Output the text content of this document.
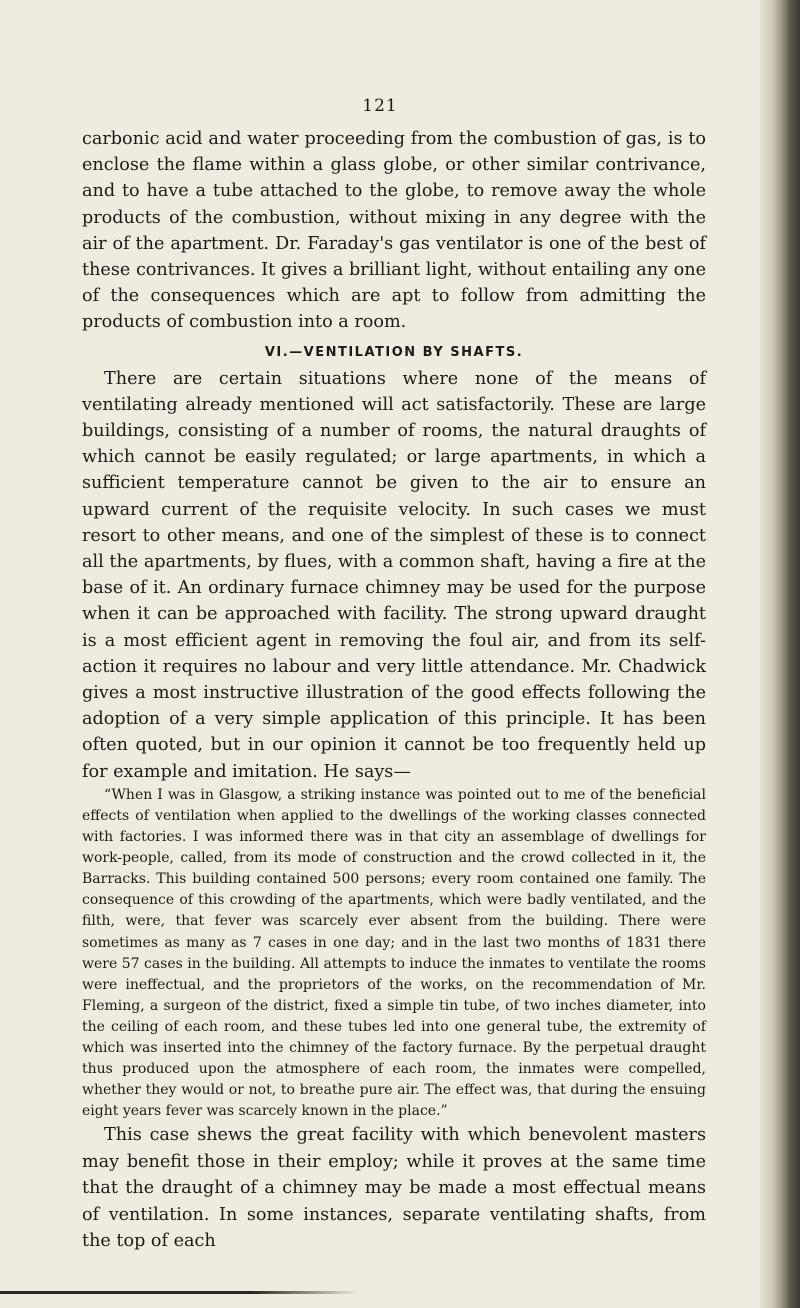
121

carbonic acid and water proceeding from the combustion of gas, is to enclose the flame within a glass globe, or other similar contrivance, and to have a tube attached to the globe, to remove away the whole products of the combustion, without mixing in any degree with the air of the apartment. Dr. Faraday's gas ventilator is one of the best of these contrivances. It gives a brilliant light, without entailing any one of the consequences which are apt to follow from admitting the products of combustion into a room.

VI.—VENTILATION BY SHAFTS.

There are certain situations where none of the means of ventilating already mentioned will act satisfactorily. These are large buildings, consisting of a number of rooms, the natural draughts of which cannot be easily regulated; or large apartments, in which a sufficient temperature cannot be given to the air to ensure an upward current of the requisite velocity. In such cases we must resort to other means, and one of the simplest of these is to connect all the apartments, by flues, with a common shaft, having a fire at the base of it. An ordinary furnace chimney may be used for the purpose when it can be approached with facility. The strong upward draught is a most efficient agent in removing the foul air, and from its self-action it requires no labour and very little attendance. Mr. Chadwick gives a most instructive illustration of the good effects following the adoption of a very simple application of this principle. It has been often quoted, but in our opinion it cannot be too frequently held up for example and imitation. He says—

“When I was in Glasgow, a striking instance was pointed out to me of the beneficial effects of ventilation when applied to the dwellings of the working classes connected with factories. I was informed there was in that city an assemblage of dwellings for work-people, called, from its mode of construction and the crowd collected in it, the Barracks. This building contained 500 persons; every room contained one family. The consequence of this crowding of the apartments, which were badly ventilated, and the filth, were, that fever was scarcely ever absent from the building. There were sometimes as many as 7 cases in one day; and in the last two months of 1831 there were 57 cases in the building. All attempts to induce the inmates to ventilate the rooms were ineffectual, and the proprietors of the works, on the recommendation of Mr. Fleming, a surgeon of the district, fixed a simple tin tube, of two inches diameter, into the ceiling of each room, and these tubes led into one general tube, the extremity of which was inserted into the chimney of the factory furnace. By the perpetual draught thus produced upon the atmosphere of each room, the inmates were compelled, whether they would or not, to breathe pure air. The effect was, that during the ensuing eight years fever was scarcely known in the place.”

This case shews the great facility with which benevolent masters may benefit those in their employ; while it proves at the same time that the draught of a chimney may be made a most effectual means of ventilation. In some instances, separate ventilating shafts, from the top of each
